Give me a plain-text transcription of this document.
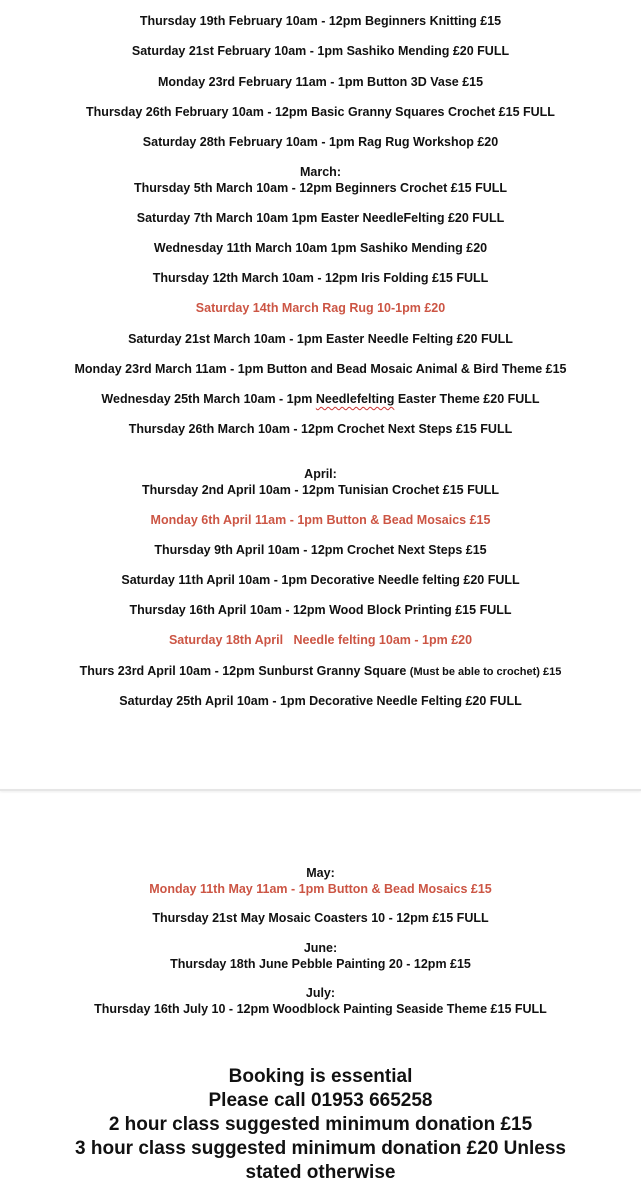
Thursday 19th February 10am - 12pm Beginners Knitting £15
Saturday 21st February 10am - 1pm Sashiko Mending £20 FULL
Monday 23rd February 11am - 1pm Button 3D Vase £15
Thursday 26th February 10am - 12pm Basic Granny Squares Crochet £15 FULL
Saturday 28th February 10am - 1pm Rag Rug Workshop £20
March:
Thursday 5th March 10am - 12pm Beginners Crochet £15 FULL
Saturday 7th March 10am 1pm Easter NeedleFelting £20 FULL
Wednesday 11th March 10am 1pm Sashiko Mending £20
Thursday 12th March 10am - 12pm Iris Folding £15 FULL
Saturday 14th March Rag Rug 10-1pm £20
Saturday 21st March 10am - 1pm Easter Needle Felting £20 FULL
Monday 23rd March 11am - 1pm Button and Bead Mosaic Animal & Bird Theme £15
Wednesday 25th March 10am - 1pm Needlefelting Easter Theme £20 FULL
Thursday 26th March 10am - 12pm Crochet Next Steps £15 FULL
April:
Thursday 2nd April 10am - 12pm Tunisian Crochet £15 FULL
Monday 6th April 11am - 1pm Button & Bead Mosaics £15
Thursday 9th April 10am - 12pm Crochet Next Steps £15
Saturday 11th April 10am - 1pm Decorative Needle felting £20 FULL
Thursday 16th April 10am - 12pm Wood Block Printing £15 FULL
Saturday 18th April   Needle felting 10am - 1pm £20
Thurs 23rd April 10am - 12pm Sunburst Granny Square (Must be able to crochet) £15
Saturday 25th April 10am - 1pm Decorative Needle Felting £20 FULL
May:
Monday 11th May 11am - 1pm Button & Bead Mosaics £15
Thursday 21st May Mosaic Coasters 10 - 12pm £15 FULL
June:
Thursday 18th June Pebble Painting 20 - 12pm £15
July:
Thursday 16th July 10 - 12pm Woodblock Painting Seaside Theme £15 FULL
Booking is essential
Please call 01953 665258
2 hour class suggested minimum donation £15
3 hour class suggested minimum donation £20 Unless
stated otherwise
